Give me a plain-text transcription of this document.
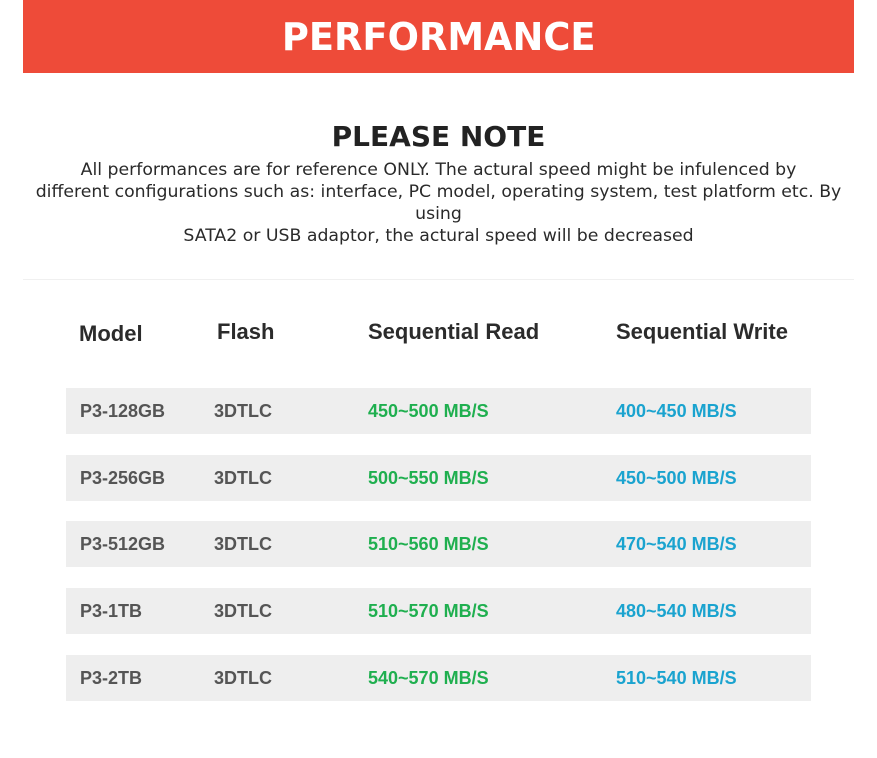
PERFORMANCE
PLEASE NOTE
All performances are for reference ONLY. The actural speed might be infulenced by
different configurations such as: interface, PC model, operating system, test platform etc. By using
SATA2 or USB adaptor, the actural speed will be decreased
Model	Flash	Sequential Read	Sequential Write
P3-128GB	3DTLC	450~500 MB/S	400~450 MB/S
P3-256GB	3DTLC	500~550 MB/S	450~500 MB/S
P3-512GB	3DTLC	510~560 MB/S	470~540 MB/S
P3-1TB	3DTLC	510~570 MB/S	480~540 MB/S
P3-2TB	3DTLC	540~570 MB/S	510~540 MB/S
